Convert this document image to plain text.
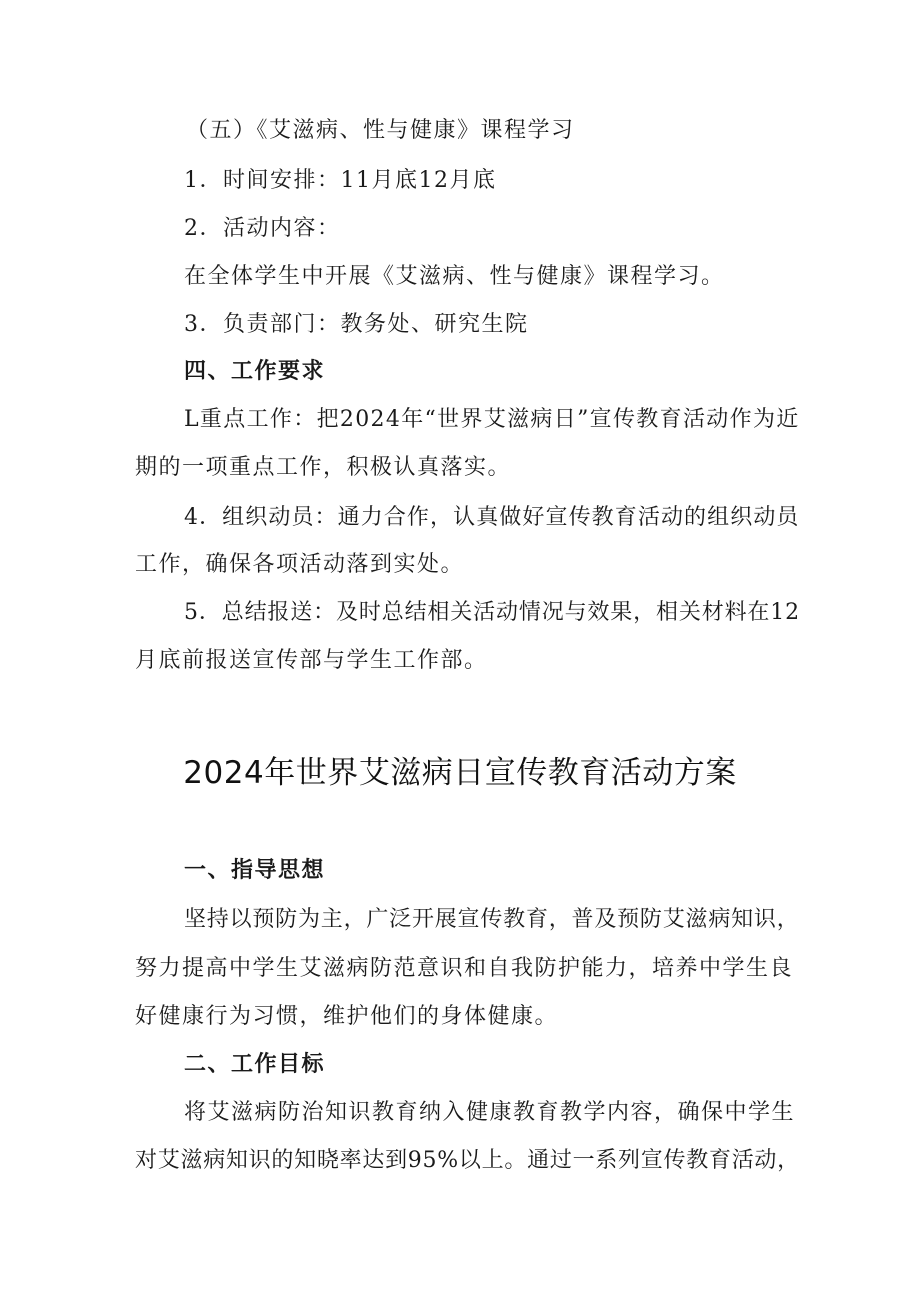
（五）《艾滋病、性与健康》课程学习
1．时间安排：11月底12月底
2．活动内容：
在全体学生中开展《艾滋病、性与健康》课程学习。
3．负责部门：教务处、研究生院
四、工作要求
L重点工作：把2024年“世界艾滋病日”宣传教育活动作为近
期的一项重点工作，积极认真落实。
4．组织动员：通力合作，认真做好宣传教育活动的组织动员
工作，确保各项活动落到实处。
5．总结报送：及时总结相关活动情况与效果，相关材料在12
月底前报送宣传部与学生工作部。
2024年世界艾滋病日宣传教育活动方案
一、指导思想
坚持以预防为主，广泛开展宣传教育，普及预防艾滋病知识，
努力提高中学生艾滋病防范意识和自我防护能力，培养中学生良
好健康行为习惯，维护他们的身体健康。
二、工作目标
将艾滋病防治知识教育纳入健康教育教学内容，确保中学生
对艾滋病知识的知晓率达到95%以上。通过一系列宣传教育活动，
